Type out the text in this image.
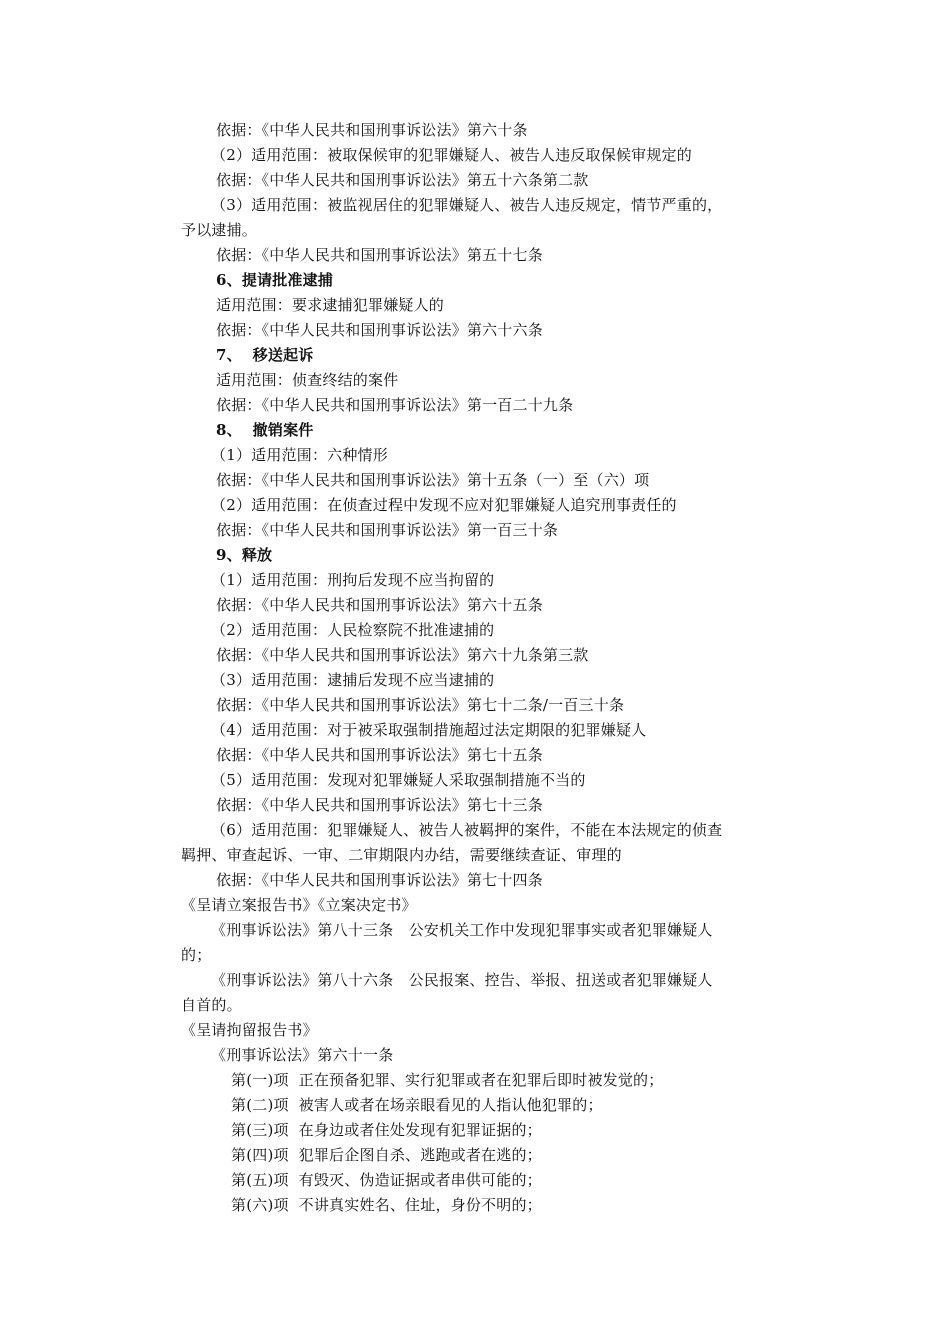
依据：《中华人民共和国刑事诉讼法》第六十条
（2）适用范围：被取保候审的犯罪嫌疑人、被告人违反取保候审规定的
依据：《中华人民共和国刑事诉讼法》第五十六条第二款
（3）适用范围：被监视居住的犯罪嫌疑人、被告人违反规定，情节严重的，
予以逮捕。
依据：《中华人民共和国刑事诉讼法》第五十七条
6、提请批准逮捕
适用范围：要求逮捕犯罪嫌疑人的
依据：《中华人民共和国刑事诉讼法》第六十六条
7、  移送起诉
适用范围：侦查终结的案件
依据：《中华人民共和国刑事诉讼法》第一百二十九条
8、  撤销案件
（1）适用范围：六种情形
依据：《中华人民共和国刑事诉讼法》第十五条（一）至（六）项
（2）适用范围：在侦查过程中发现不应对犯罪嫌疑人追究刑事责任的
依据：《中华人民共和国刑事诉讼法》第一百三十条
9、释放
（1）适用范围：刑拘后发现不应当拘留的
依据：《中华人民共和国刑事诉讼法》第六十五条
（2）适用范围：人民检察院不批准逮捕的
依据：《中华人民共和国刑事诉讼法》第六十九条第三款
（3）适用范围：逮捕后发现不应当逮捕的
依据：《中华人民共和国刑事诉讼法》第七十二条/一百三十条
（4）适用范围：对于被采取强制措施超过法定期限的犯罪嫌疑人
依据：《中华人民共和国刑事诉讼法》第七十五条
（5）适用范围：发现对犯罪嫌疑人采取强制措施不当的
依据：《中华人民共和国刑事诉讼法》第七十三条
（6）适用范围：犯罪嫌疑人、被告人被羁押的案件，不能在本法规定的侦查
羁押、审查起诉、一审、二审期限内办结，需要继续查证、审理的
依据：《中华人民共和国刑事诉讼法》第七十四条
《呈请立案报告书》《立案决定书》
《刑事诉讼法》第八十三条　公安机关工作中发现犯罪事实或者犯罪嫌疑人
的；
《刑事诉讼法》第八十六条　公民报案、控告、举报、扭送或者犯罪嫌疑人
自首的。
《呈请拘留报告书》
《刑事诉讼法》第六十一条
第(一)项  正在预备犯罪、实行犯罪或者在犯罪后即时被发觉的；
第(二)项  被害人或者在场亲眼看见的人指认他犯罪的；
第(三)项  在身边或者住处发现有犯罪证据的；
第(四)项  犯罪后企图自杀、逃跑或者在逃的；
第(五)项  有毁灭、伪造证据或者串供可能的；
第(六)项  不讲真实姓名、住址，身份不明的；
